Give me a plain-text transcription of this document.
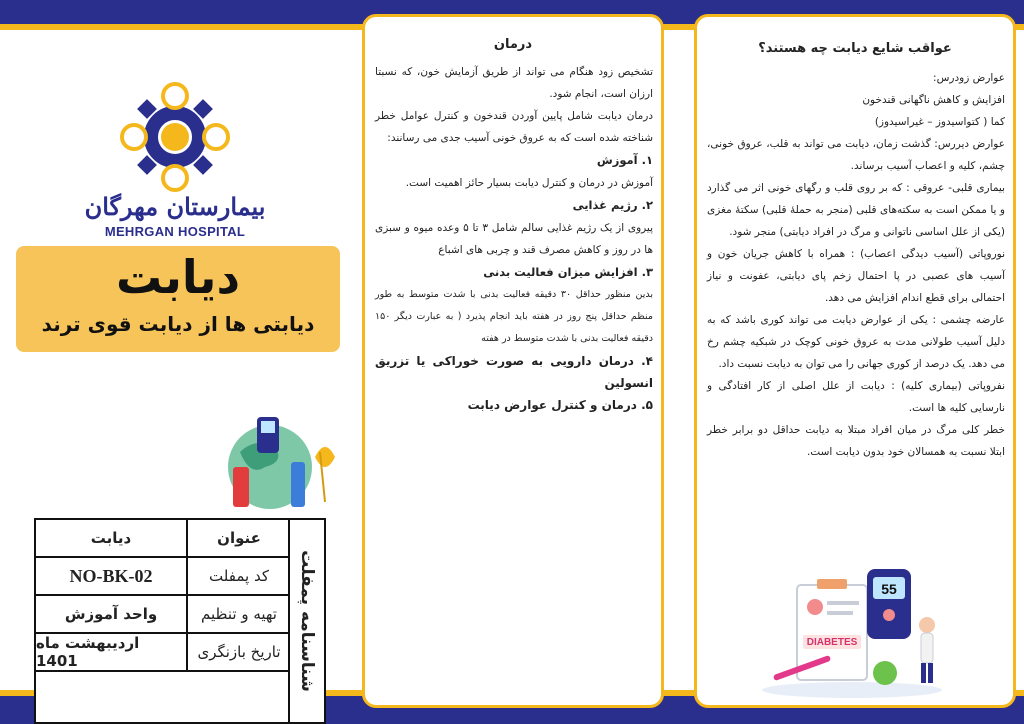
بیمارستان مهرگان
MEHRGAN HOSPITAL
دیابت
دیابتی ها از دیابت قوی ترند
شناسنامه پمفلت
دیابت	عنوان
NO-BK-02	کد پمفلت
واحد آموزش	تهیه و تنظیم
اردیبهشت ماه 1401	تاریخ بازنگری
درمان

تشخیص زود هنگام می تواند از طریق آزمایش خون، که نسبتا ارزان است، انجام شود.

درمان دیابت شامل پایین آوردن قندخون و کنترل عوامل خطر شناخته شده است که به عروق خونی آسیب جدی می رسانند:

۱. آموزش

آموزش در درمان و کنترل دیابت بسیار حائز اهمیت است.

۲. رژیم غذایی

پیروی از یک رژیم غذایی سالم شامل ۳ تا ۵ وعده میوه و سبزی ها در روز و کاهش مصرف قند و چربی های اشباع

۳. افزایش میزان فعالیت بدنی

بدین منظور حداقل ۳۰ دقیقه فعالیت بدنی با شدت متوسط به طور منظم حداقل پنج روز در هفته باید انجام پذیرد ( به عبارت دیگر ۱۵۰ دقیقه فعالیت بدنی با شدت متوسط در هفته

۴. درمان دارویی به صورت خوراکی یا تزریق انسولین

۵. درمان و کنترل عوارض دیابت

عواقب شایع دیابت چه هستند؟

عوارض زودرس:

افزایش و کاهش ناگهانی قندخون

کما ( کتواسیدوز – غیراسیدوز)

عوارض دیررس: گذشت زمان، دیابت می تواند به قلب، عروق خونی، چشم، کلیه و اعصاب آسیب برساند.

بیماری قلبی- عروقی : که بر روی قلب و رگهای خونی اثر می گذارد و یا ممکن است به سکته‌های قلبی (منجر به حملهٔ قلبی) سکتهٔ مغزی (یکی از علل اساسی ناتوانی و مرگ در افراد دیابتی) منجر شود.

نوروپاتی (آسیب دیدگی اعصاب) : همراه با کاهش جریان خون و آسیب های عصبی در پا احتمال زخم پای دیابتی، عفونت و نیاز احتمالی برای قطع اندام افزایش می دهد.

عارضه چشمی : یکی از عوارض دیابت می تواند کوری باشد که به دلیل آسیب طولانی مدت به عروق خونی کوچک در شبکیه چشم رخ می دهد. یک درصد از کوری جهانی را می توان به دیابت نسبت داد.

نفروپاتی (بیماری کلیه) : دیابت از علل اصلی از کار افتادگی و نارسایی کلیه ها است.

خطر کلی مرگ در میان افراد مبتلا به دیابت حداقل دو برابر خطر ابتلا نسبت به همسالان خود بدون دیابت است.

DIABETES
55
